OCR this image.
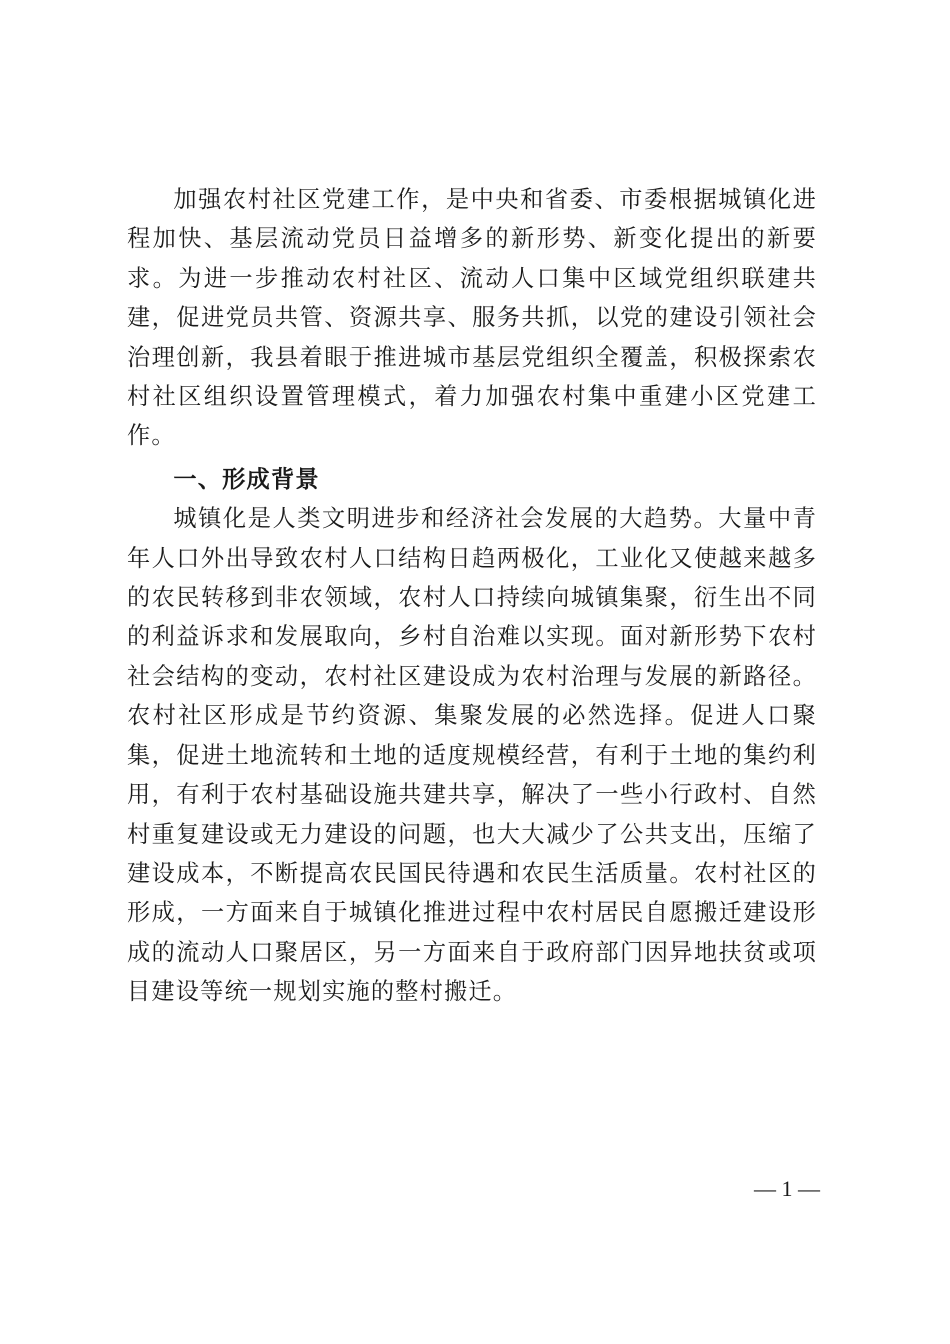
加强农村社区党建工作，是中央和省委、市委根据城镇化进程加快、基层流动党员日益增多的新形势、新变化提出的新要求。为进一步推动农村社区、流动人口集中区域党组织联建共建，促进党员共管、资源共享、服务共抓，以党的建设引领社会治理创新，我县着眼于推进城市基层党组织全覆盖，积极探索农村社区组织设置管理模式，着力加强农村集中重建小区党建工作。

一、形成背景

城镇化是人类文明进步和经济社会发展的大趋势。大量中青年人口外出导致农村人口结构日趋两极化，工业化又使越来越多的农民转移到非农领域，农村人口持续向城镇集聚，衍生出不同的利益诉求和发展取向，乡村自治难以实现。面对新形势下农村社会结构的变动，农村社区建设成为农村治理与发展的新路径。农村社区形成是节约资源、集聚发展的必然选择。促进人口聚集，促进土地流转和土地的适度规模经营，有利于土地的集约利用，有利于农村基础设施共建共享，解决了一些小行政村、自然村重复建设或无力建设的问题，也大大减少了公共支出，压缩了建设成本，不断提高农民国民待遇和农民生活质量。农村社区的形成，一方面来自于城镇化推进过程中农村居民自愿搬迁建设形成的流动人口聚居区，另一方面来自于政府部门因异地扶贫或项目建设等统一规划实施的整村搬迁。

— 1 —
